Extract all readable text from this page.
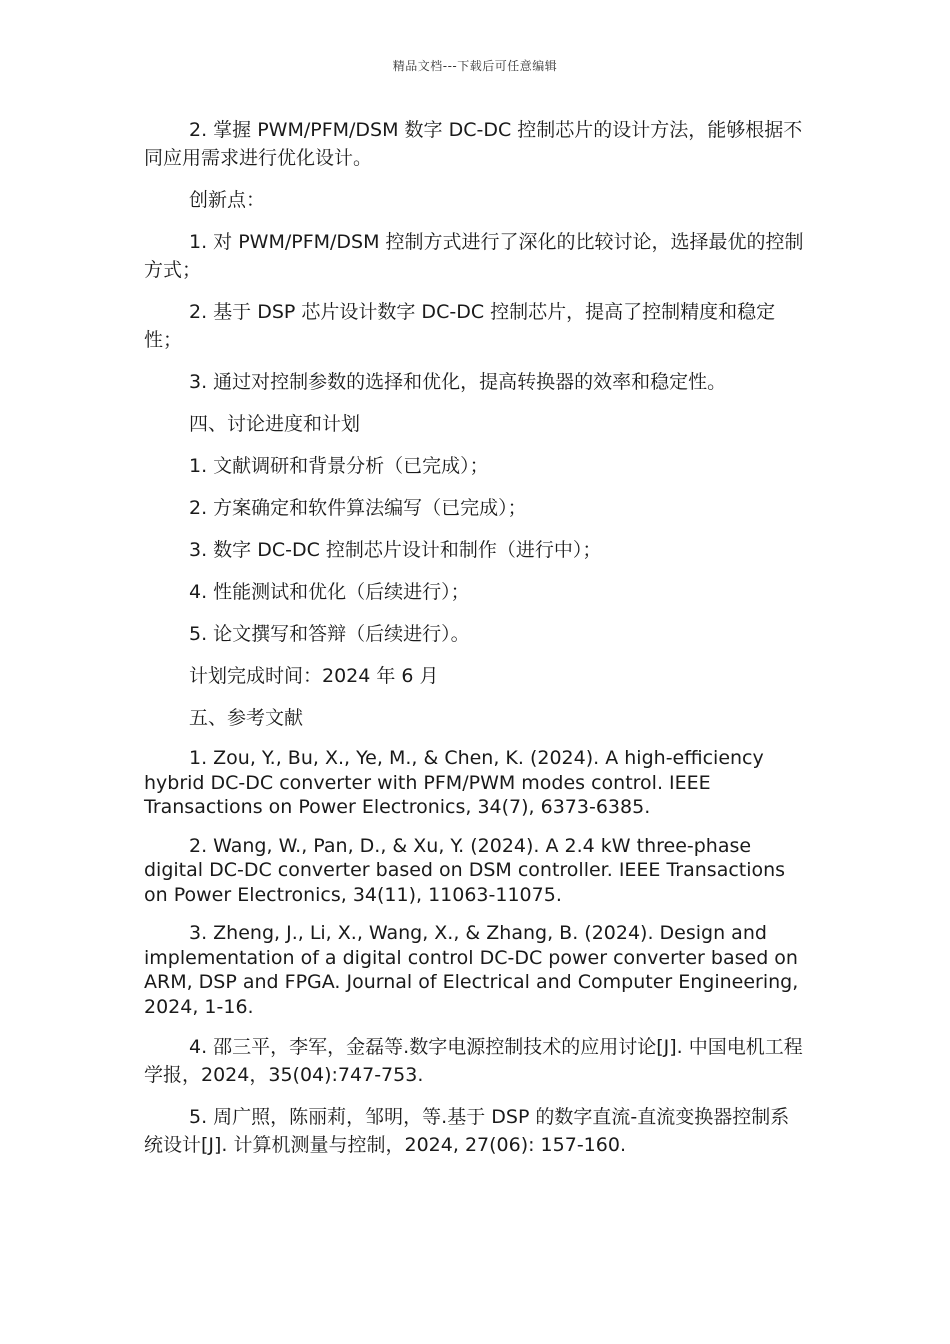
精品文档---下载后可任意编辑

2. 掌握 PWM/PFM/DSM 数字 DC-DC 控制芯片的设计方法，能够根据不同应用需求进行优化设计。

创新点：

1. 对 PWM/PFM/DSM 控制方式进行了深化的比较讨论，选择最优的控制方式；

2. 基于 DSP 芯片设计数字 DC-DC 控制芯片，提高了控制精度和稳定性；

3. 通过对控制参数的选择和优化，提高转换器的效率和稳定性。

四、讨论进度和计划

1. 文献调研和背景分析（已完成）；

2. 方案确定和软件算法编写（已完成）；

3. 数字 DC-DC 控制芯片设计和制作（进行中）；

4. 性能测试和优化（后续进行）；

5. 论文撰写和答辩（后续进行）。

计划完成时间：2024 年 6 月

五、参考文献

1. Zou, Y., Bu, X., Ye, M., & Chen, K. (2024). A high-efficiency hybrid DC-DC converter with PFM/PWM modes control. IEEE Transactions on Power Electronics, 34(7), 6373-6385.

2. Wang, W., Pan, D., & Xu, Y. (2024). A 2.4 kW three-phase digital DC-DC converter based on DSM controller. IEEE Transactions on Power Electronics, 34(11), 11063-11075.

3. Zheng, J., Li, X., Wang, X., & Zhang, B. (2024). Design and implementation of a digital control DC-DC power converter based on ARM, DSP and FPGA. Journal of Electrical and Computer Engineering, 2024, 1-16.

4. 邵三平，李军，金磊等.数字电源控制技术的应用讨论[J]. 中国电机工程学报，2024，35(04):747-753.

5. 周广照，陈丽莉，邹明，等.基于 DSP 的数字直流-直流变换器控制系统设计[J]. 计算机测量与控制，2024, 27(06): 157-160.
